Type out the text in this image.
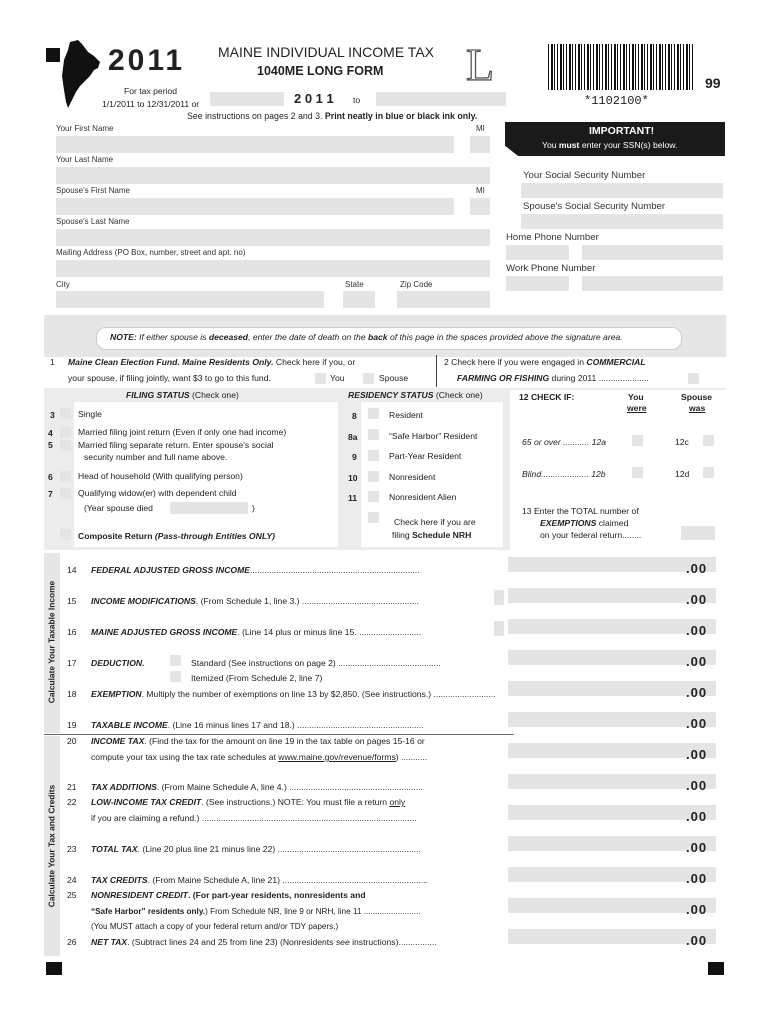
2011 MAINE INDIVIDUAL INCOME TAX
1040ME LONG FORM L
*1102100*
99
For tax period
1/1/2011 to 12/31/2011 or	2 0 1 1 to
See instructions on pages 2 and 3. Print neatly in blue or black ink only.
Your First Name	MI
Your Last Name
Spouse's First Name	MI
Spouse's Last Name
Mailing Address (PO Box, number, street and apt. no)
City	State	Zip Code
IMPORTANT!
You must enter your SSN(s) below.
Your Social Security Number
Spouse's Social Security Number
Home Phone Number
Work Phone Number
NOTE: If either spouse is deceased, enter the date of death on the back of this page in the spaces provided above the signature area.
1 Maine Clean Election Fund. Maine Residents Only. Check here if you, or
your spouse, if filing jointly, want $3 to go to this fund.	You	Spouse
2 Check here if you were engaged in COMMERCIAL
FARMING OR FISHING during 2011 .....................
FILING STATUS (Check one)	RESIDENCY STATUS (Check one)
3	Single
4	Married filing joint return (Even if only one had income)
5	Married filing separate return. Enter spouse's social
security number and full name above.
6	Head of household (With qualifying person)
7	Qualifying widow(er) with dependent child
(Year spouse died	)
Composite Return (Pass-through Entities ONLY)
8	Resident
8a	“Safe Harbor” Resident
9	Part-Year Resident
10	Nonresident
11	Nonresident Alien
Check here if you are
filing Schedule NRH
12 CHECK IF:	You
were
Spouse
was
65 or over ........... 12a	12c
Blind.................... 12b	12d
13 Enter the TOTAL number of
EXEMPTIONS claimed
on your federal return........
Calculate Your Taxable Income
Calculate Your Tax and Credits
14 FEDERAL ADJUSTED GROSS INCOME.......................................................................	.00
15 INCOME MODIFICATIONS. (From Schedule 1, line 3.) .................................................	.00
16 MAINE ADJUSTED GROSS INCOME. (Line 14 plus or minus line 15. ..........................	.00
17 DEDUCTION.	Standard (See instructions on page 2) ...........................................
Itemized (From Schedule 2, line 7)
.00
18 EXEMPTION. Multiply the number of exemptions on line 13 by $2,850. (See instructions.) ..........................	.00
19 TAXABLE INCOME. (Line 16 minus lines 17 and 18.) .....................................................	.00
20 INCOME TAX. (Find the tax for the amount on line 19 in the tax table on pages 15-16 or
compute your tax using the tax rate schedules at www.maine.gov/revenue/forms) ...........	.00
21 TAX ADDITIONS. (From Maine Schedule A, line 4.) ........................................................	.00
22 LOW-INCOME TAX CREDIT. (See instructions.) NOTE: You must file a return only
if you are claiming a refund.) ..........................................................................................	.00
23 TOTAL TAX. (Line 20 plus line 21 minus line 22) ............................................................	.00
24 TAX CREDITS. (From Maine Schedule A, line 21) .............................................................	.00
25 NONRESIDENT CREDIT. (For part-year residents, nonresidents and
“Safe Harbor” residents only.) From Schedule NR, line 9 or NRH, line 11 .........................
(You MUST attach a copy of your federal return and/or TDY papers.)
.00
26 NET TAX. (Subtract lines 24 and 25 from line 23) (Nonresidents see instructions)................	.00
